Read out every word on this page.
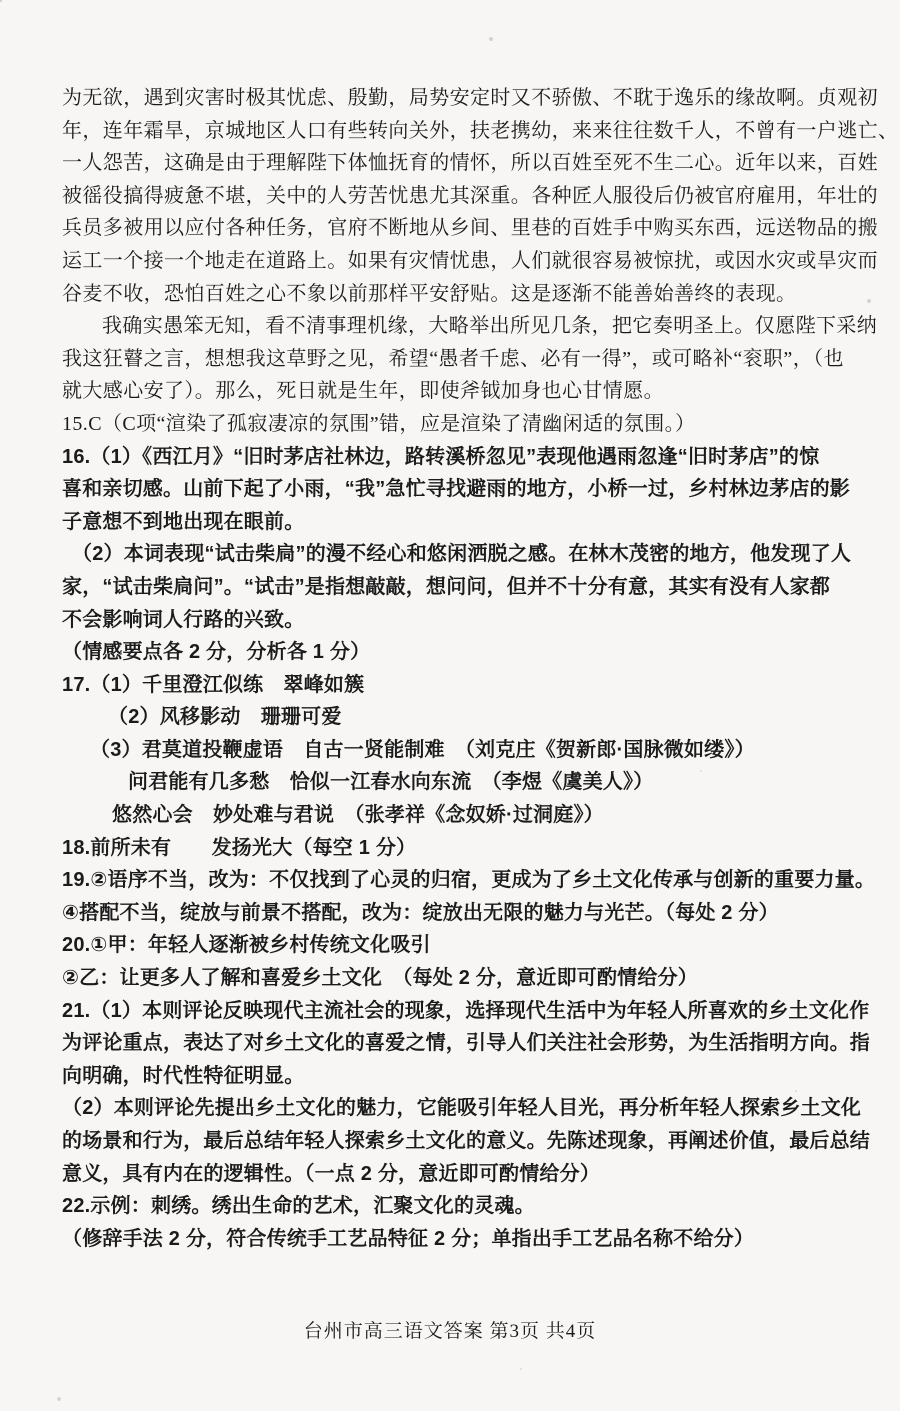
为无欲，遇到灾害时极其忧虑、殷勤，局势安定时又不骄傲、不耽于逸乐的缘故啊。贞观初
年，连年霜旱，京城地区人口有些转向关外，扶老携幼，来来往往数千人，不曾有一户逃亡、
一人怨苦，这确是由于理解陛下体恤抚育的情怀，所以百姓至死不生二心。近年以来，百姓
被徭役搞得疲惫不堪，关中的人劳苦忧患尤其深重。各种匠人服役后仍被官府雇用，年壮的
兵员多被用以应付各种任务，官府不断地从乡间、里巷的百姓手中购买东西，远送物品的搬
运工一个接一个地走在道路上。如果有灾情忧患，人们就很容易被惊扰，或因水灾或旱灾而
谷麦不收，恐怕百姓之心不象以前那样平安舒贴。这是逐渐不能善始善终的表现。
我确实愚笨无知，看不清事理机缘，大略举出所见几条，把它奏明圣上。仅愿陛下采纳
我这狂瞽之言，想想我这草野之见，希望“愚者千虑、必有一得”，或可略补“衮职”，（也
就大感心安了）。那么，死日就是生年，即使斧钺加身也心甘情愿。
15.C（C项“渲染了孤寂凄凉的氛围”错，应是渲染了清幽闲适的氛围。）
16.（1）《西江月》“旧时茅店社林边，路转溪桥忽见”表现他遇雨忽逢“旧时茅店”的惊
喜和亲切感。山前下起了小雨，“我”急忙寻找避雨的地方，小桥一过，乡村林边茅店的影
子意想不到地出现在眼前。
（2）本词表现“试击柴扃”的漫不经心和悠闲洒脱之感。在林木茂密的地方，他发现了人
家，“试击柴扃问”。“试击”是指想敲敲，想问问，但并不十分有意，其实有没有人家都
不会影响词人行路的兴致。
（情感要点各 2 分，分析各 1 分）
17.（1）千里澄江似练　翠峰如簇
（2）风移影动　珊珊可爱
（3）君莫道投鞭虚语　自古一贤能制难　（刘克庄《贺新郎·国脉微如缕》）
问君能有几多愁　恰似一江春水向东流　（李煜《虞美人》）
悠然心会　妙处难与君说　（张孝祥《念奴娇·过洞庭》）
18.前所未有　　发扬光大（每空 1 分）
19.②语序不当，改为：不仅找到了心灵的归宿，更成为了乡土文化传承与创新的重要力量。
④搭配不当，绽放与前景不搭配，改为：绽放出无限的魅力与光芒。（每处 2 分）
20.①甲：年轻人逐渐被乡村传统文化吸引
②乙：让更多人了解和喜爱乡土文化　（每处 2 分，意近即可酌情给分）
21.（1）本则评论反映现代主流社会的现象，选择现代生活中为年轻人所喜欢的乡土文化作
为评论重点，表达了对乡土文化的喜爱之情，引导人们关注社会形势，为生活指明方向。指
向明确，时代性特征明显。
（2）本则评论先提出乡土文化的魅力，它能吸引年轻人目光，再分析年轻人探索乡土文化
的场景和行为，最后总结年轻人探索乡土文化的意义。先陈述现象，再阐述价值，最后总结
意义，具有内在的逻辑性。（一点 2 分，意近即可酌情给分）
22.示例：刺绣。绣出生命的艺术，汇聚文化的灵魂。
（修辞手法 2 分，符合传统手工艺品特征 2 分；单指出手工艺品名称不给分）
台州市高三语文答案 第3页 共4页
